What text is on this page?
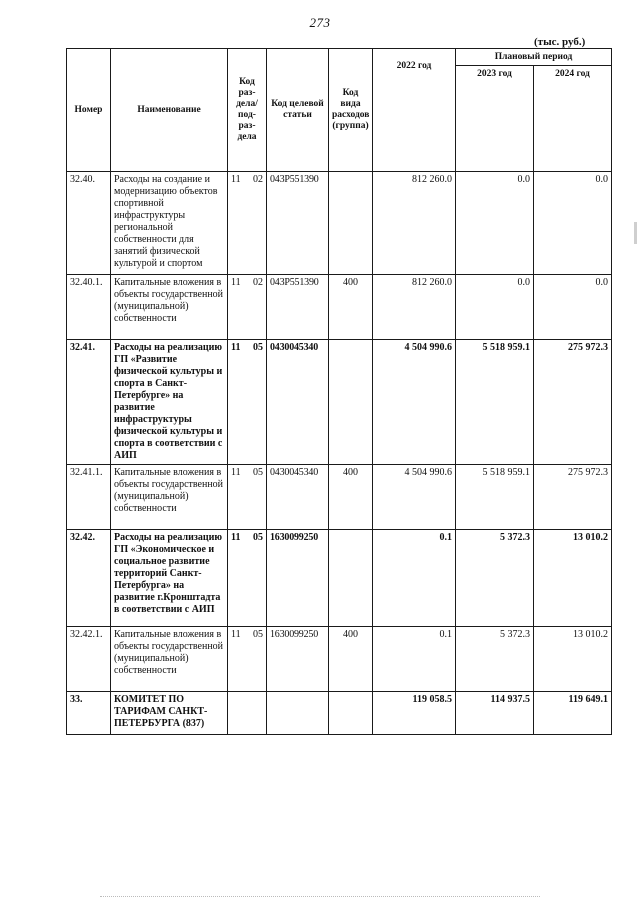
273
(тыс. руб.)
Номер	Наименование	Код раз-дела/ под-раз-дела	Код целевой статьи	Код вида расходов (группа)	2022 год	Плановый период	
						2023 год	2024 год
32.40.	Расходы на создание и модернизацию объектов спортивной инфраструктуры региональной собственности для занятий физической культурой и спортом	11 02	043P551390		812 260.0	0.0	0.0
32.40.1.	Капитальные вложения в объекты государственной (муниципальной) собственности	11 02	043P551390	400	812 260.0	0.0	0.0
32.41.	Расходы на реализацию ГП «Развитие физической культуры и спорта в Санкт-Петербурге» на развитие инфраструктуры физической культуры и спорта в соответствии с АИП	11 05	0430045340		4 504 990.6	5 518 959.1	275 972.3
32.41.1.	Капитальные вложения в объекты государственной (муниципальной) собственности	11 05	0430045340	400	4 504 990.6	5 518 959.1	275 972.3
32.42.	Расходы на реализацию ГП «Экономическое и социальное развитие территорий Санкт-Петербурга» на развитие г.Кронштадта в соответствии с АИП	11 05	1630099250		0.1	5 372.3	13 010.2
32.42.1.	Капитальные вложения в объекты государственной (муниципальной) собственности	11 05	1630099250	400	0.1	5 372.3	13 010.2
33.	КОМИТЕТ ПО ТАРИФАМ САНКТ-ПЕТЕРБУРГА (837)				119 058.5	114 937.5	119 649.1
